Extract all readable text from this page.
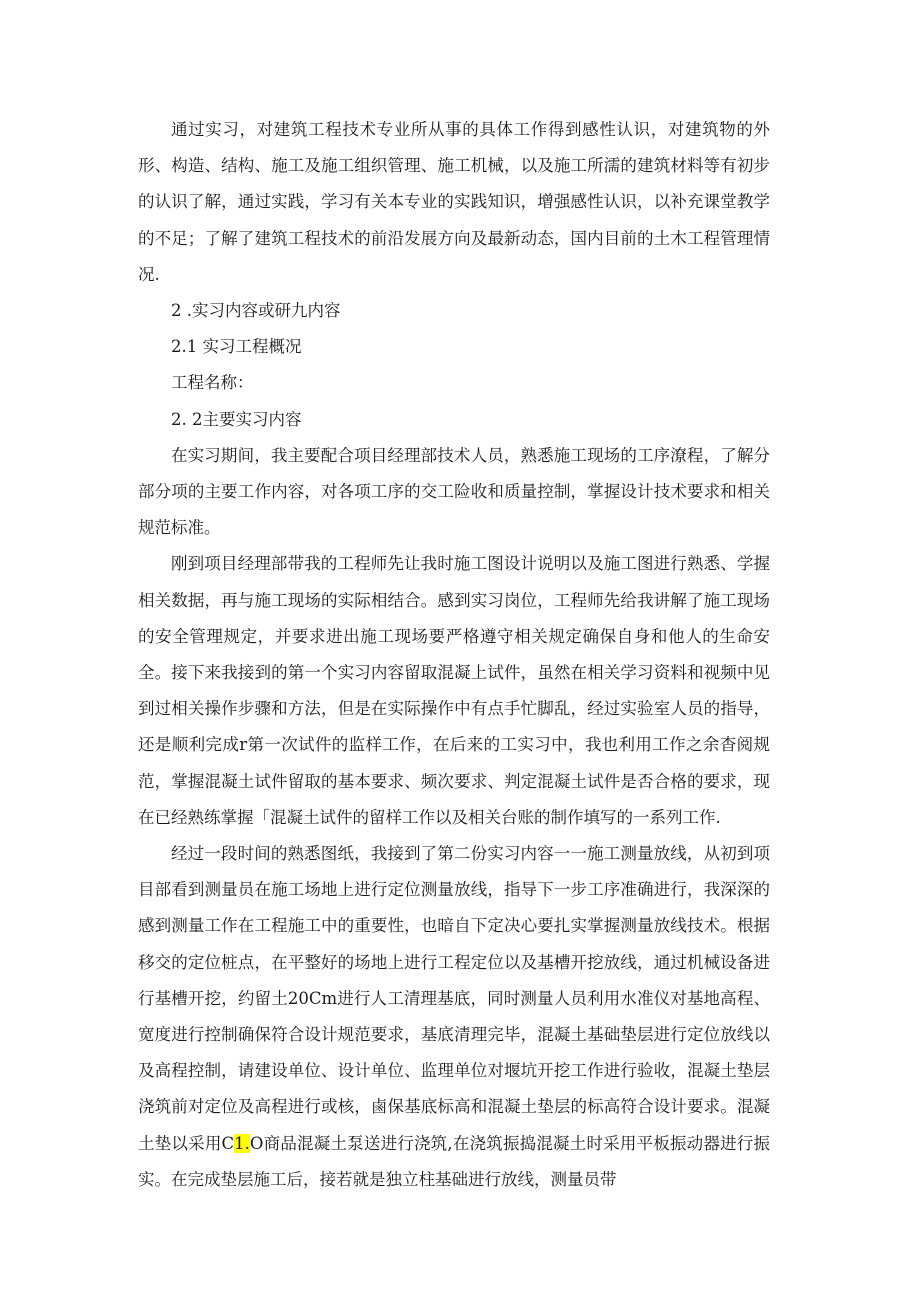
通过实习，对建筑工程技术专业所从事的具体工作得到感性认识，对建筑物的外形、构造、结构、施工及施工组织管理、施工机械，以及施工所濡的建筑材料等有初步的认识了解，通过实践，学习有关本专业的实践知识，增强感性认识，以补充课堂教学的不足；了解了建筑工程技术的前沿发展方向及最新动态，国内目前的土木工程管理情况.

2 .实习内容或研九内容

2.1 实习工程概况

工程名称：

2. 2主要实习内容

在实习期间，我主要配合项目经理部技术人员，熟悉施工现场的工序潦程，了解分部分项的主要工作内容，对各项工序的交工险收和质量控制，掌握设计技术要求和相关规范标准。

刚到项目经理部带我的工程师先让我时施工图设计说明以及施工图进行熟悉、学握相关数据，再与施工现场的实际相结合。感到实习岗位，工程师先给我讲解了施工现场的安全管理规定，并要求进出施工现场要严格遵守相关规定确保自身和他人的生命安全。接下来我接到的第一个实习内容留取混凝上试件，虽然在相关学习资料和视频中见到过相关操作步骤和方法，但是在实际操作中有点手忙脚乱，经过实验室人员的指导，还是顺利完成r第一次试件的监样工作，在后来的工实习中，我也利用工作之余杳阅规范，掌握混凝土试件留取的基本要求、频次要求、判定混凝土试件是否合格的要求，现在已经熟练掌握「混凝土试件的留样工作以及相关台账的制作填写的一系列工作.

经过一段时间的熟悉图纸，我接到了第二份实习内容一一施工测量放线，从初到项目部看到测量员在施工场地上进行定位测量放线，指导下一步工序准确进行，我深深的感到测量工作在工程施工中的重要性，也暗自下定决心要扎实掌握测量放线技术。根据移交的定位桩点，在平整好的场地上进行工程定位以及基槽开挖放线，通过机械设备进行基槽开挖，约留土20Cm进行人工清理基底，同时测量人员利用水准仪对基地高程、宽度进行控制确保符合设计规范要求，基底清理完毕，混凝土基础垫层进行定位放线以及高程控制，请建设单位、设计单位、监理单位对堰坑开挖工作进行验收，混凝土垫层浇筑前对定位及高程进行或核，鹵保基底标高和混凝土垫层的标高符合设计要求。混凝土垫以采用C1.O商品混凝土泵送进行浇筑,在浇筑振捣混凝土时采用平板振动器进行振实。在完成垫层施工后，接若就是独立柱基础进行放线，测量员带
